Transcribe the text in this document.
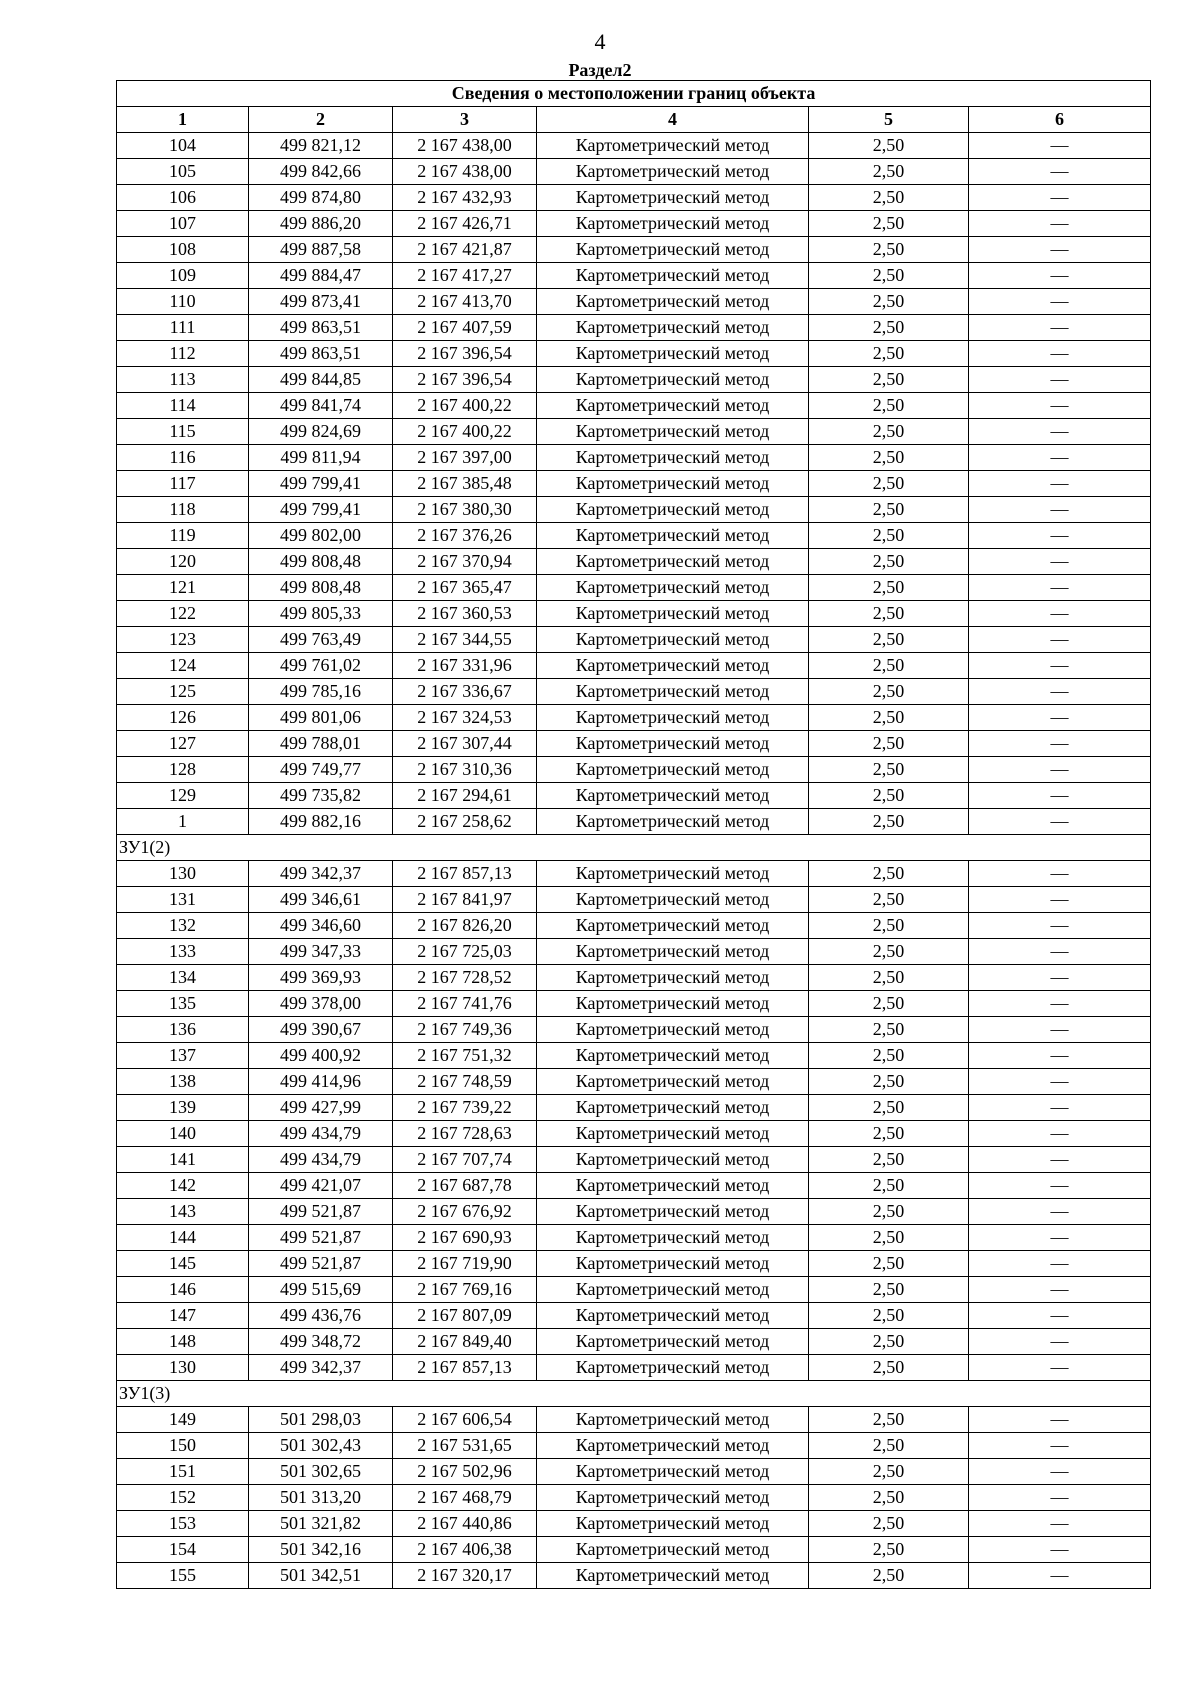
4
Раздел2
Сведения о местоположении границ объекта					
1	2	3	4	5	6
104	499 821,12	2 167 438,00	Картометрический метод	2,50	—
105	499 842,66	2 167 438,00	Картометрический метод	2,50	—
106	499 874,80	2 167 432,93	Картометрический метод	2,50	—
107	499 886,20	2 167 426,71	Картометрический метод	2,50	—
108	499 887,58	2 167 421,87	Картометрический метод	2,50	—
109	499 884,47	2 167 417,27	Картометрический метод	2,50	—
110	499 873,41	2 167 413,70	Картометрический метод	2,50	—
111	499 863,51	2 167 407,59	Картометрический метод	2,50	—
112	499 863,51	2 167 396,54	Картометрический метод	2,50	—
113	499 844,85	2 167 396,54	Картометрический метод	2,50	—
114	499 841,74	2 167 400,22	Картометрический метод	2,50	—
115	499 824,69	2 167 400,22	Картометрический метод	2,50	—
116	499 811,94	2 167 397,00	Картометрический метод	2,50	—
117	499 799,41	2 167 385,48	Картометрический метод	2,50	—
118	499 799,41	2 167 380,30	Картометрический метод	2,50	—
119	499 802,00	2 167 376,26	Картометрический метод	2,50	—
120	499 808,48	2 167 370,94	Картометрический метод	2,50	—
121	499 808,48	2 167 365,47	Картометрический метод	2,50	—
122	499 805,33	2 167 360,53	Картометрический метод	2,50	—
123	499 763,49	2 167 344,55	Картометрический метод	2,50	—
124	499 761,02	2 167 331,96	Картометрический метод	2,50	—
125	499 785,16	2 167 336,67	Картометрический метод	2,50	—
126	499 801,06	2 167 324,53	Картометрический метод	2,50	—
127	499 788,01	2 167 307,44	Картометрический метод	2,50	—
128	499 749,77	2 167 310,36	Картометрический метод	2,50	—
129	499 735,82	2 167 294,61	Картометрический метод	2,50	—
1	499 882,16	2 167 258,62	Картометрический метод	2,50	—
ЗУ1(2)					
130	499 342,37	2 167 857,13	Картометрический метод	2,50	—
131	499 346,61	2 167 841,97	Картометрический метод	2,50	—
132	499 346,60	2 167 826,20	Картометрический метод	2,50	—
133	499 347,33	2 167 725,03	Картометрический метод	2,50	—
134	499 369,93	2 167 728,52	Картометрический метод	2,50	—
135	499 378,00	2 167 741,76	Картометрический метод	2,50	—
136	499 390,67	2 167 749,36	Картометрический метод	2,50	—
137	499 400,92	2 167 751,32	Картометрический метод	2,50	—
138	499 414,96	2 167 748,59	Картометрический метод	2,50	—
139	499 427,99	2 167 739,22	Картометрический метод	2,50	—
140	499 434,79	2 167 728,63	Картометрический метод	2,50	—
141	499 434,79	2 167 707,74	Картометрический метод	2,50	—
142	499 421,07	2 167 687,78	Картометрический метод	2,50	—
143	499 521,87	2 167 676,92	Картометрический метод	2,50	—
144	499 521,87	2 167 690,93	Картометрический метод	2,50	—
145	499 521,87	2 167 719,90	Картометрический метод	2,50	—
146	499 515,69	2 167 769,16	Картометрический метод	2,50	—
147	499 436,76	2 167 807,09	Картометрический метод	2,50	—
148	499 348,72	2 167 849,40	Картометрический метод	2,50	—
130	499 342,37	2 167 857,13	Картометрический метод	2,50	—
ЗУ1(3)					
149	501 298,03	2 167 606,54	Картометрический метод	2,50	—
150	501 302,43	2 167 531,65	Картометрический метод	2,50	—
151	501 302,65	2 167 502,96	Картометрический метод	2,50	—
152	501 313,20	2 167 468,79	Картометрический метод	2,50	—
153	501 321,82	2 167 440,86	Картометрический метод	2,50	—
154	501 342,16	2 167 406,38	Картометрический метод	2,50	—
155	501 342,51	2 167 320,17	Картометрический метод	2,50	—
